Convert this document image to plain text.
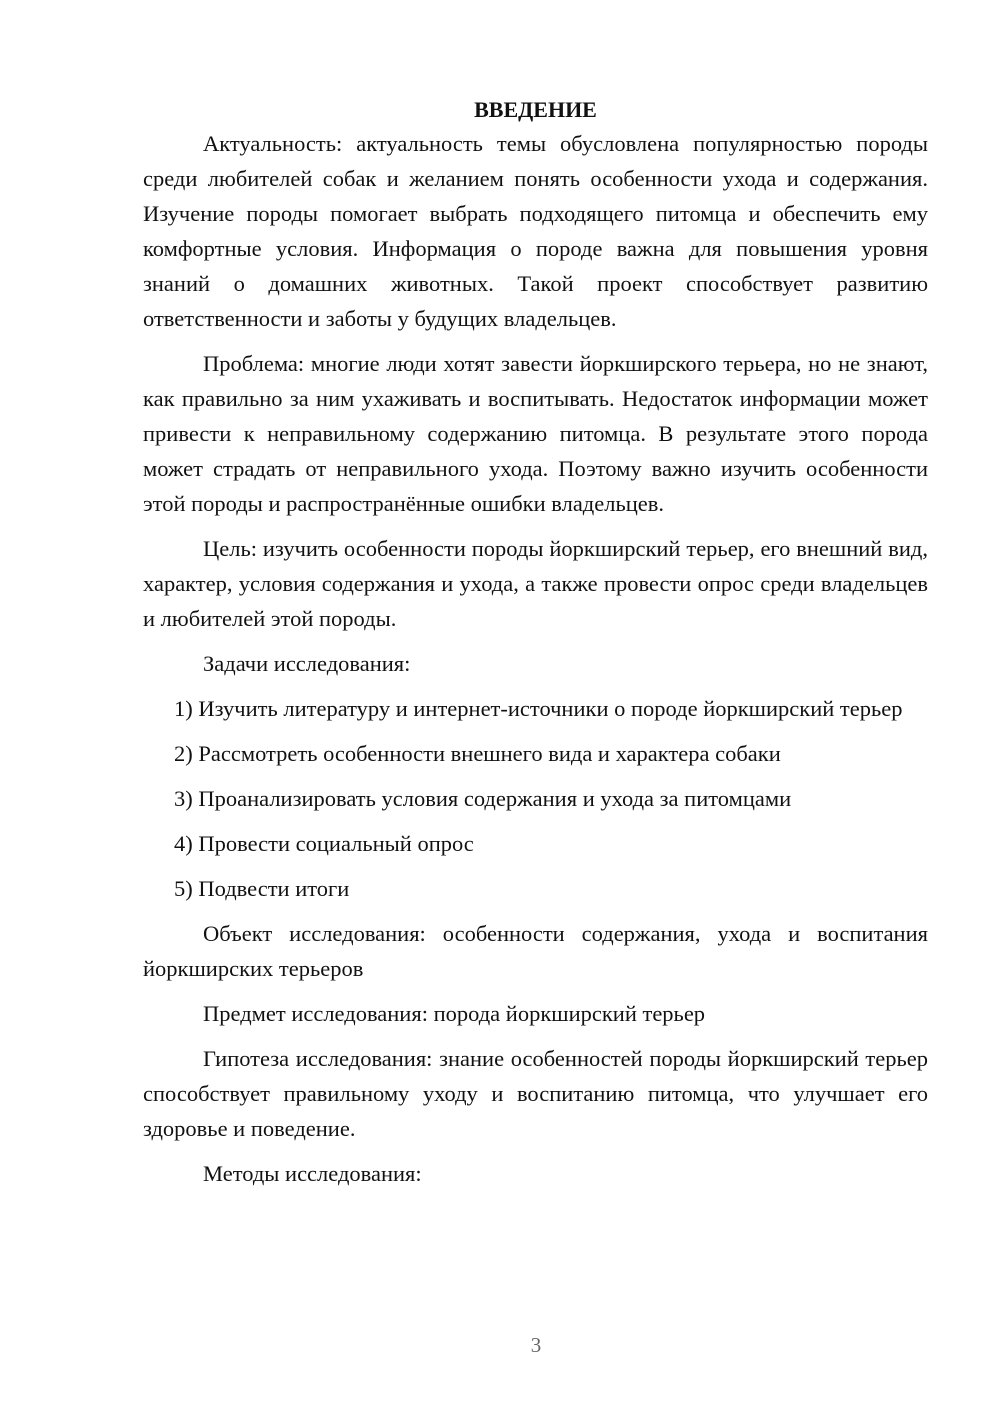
ВВЕДЕНИЕ

Актуальность: актуальность темы обусловлена популярностью породы среди любителей собак и желанием понять особенности ухода и содержания. Изучение породы помогает выбрать подходящего питомца и обеспечить ему комфортные условия. Информация о породе важна для повышения уровня знаний о домашних животных. Такой проект способствует развитию ответственности и заботы у будущих владельцев.

Проблема: многие люди хотят завести йоркширского терьера, но не знают, как правильно за ним ухаживать и воспитывать. Недостаток информации может привести к неправильному содержанию питомца. В результате этого порода может страдать от неправильного ухода. Поэтому важно изучить особенности этой породы и распространённые ошибки владельцев.

Цель: изучить особенности породы йоркширский терьер, его внешний вид, характер, условия содержания и ухода, а также провести опрос среди владельцев и любителей этой породы.

Задачи исследования:

1) Изучить литературу и интернет-источники о породе йоркширский терьер

2) Рассмотреть особенности внешнего вида и характера собаки

3) Проанализировать условия содержания и ухода за питомцами

4) Провести социальный опрос

5) Подвести итоги

Объект исследования: особенности содержания, ухода и воспитания йоркширских терьеров

Предмет исследования: порода йоркширский терьер

Гипотеза исследования: знание особенностей породы йоркширский терьер способствует правильному уходу и воспитанию питомца, что улучшает его здоровье и поведение.

Методы исследования:

3
